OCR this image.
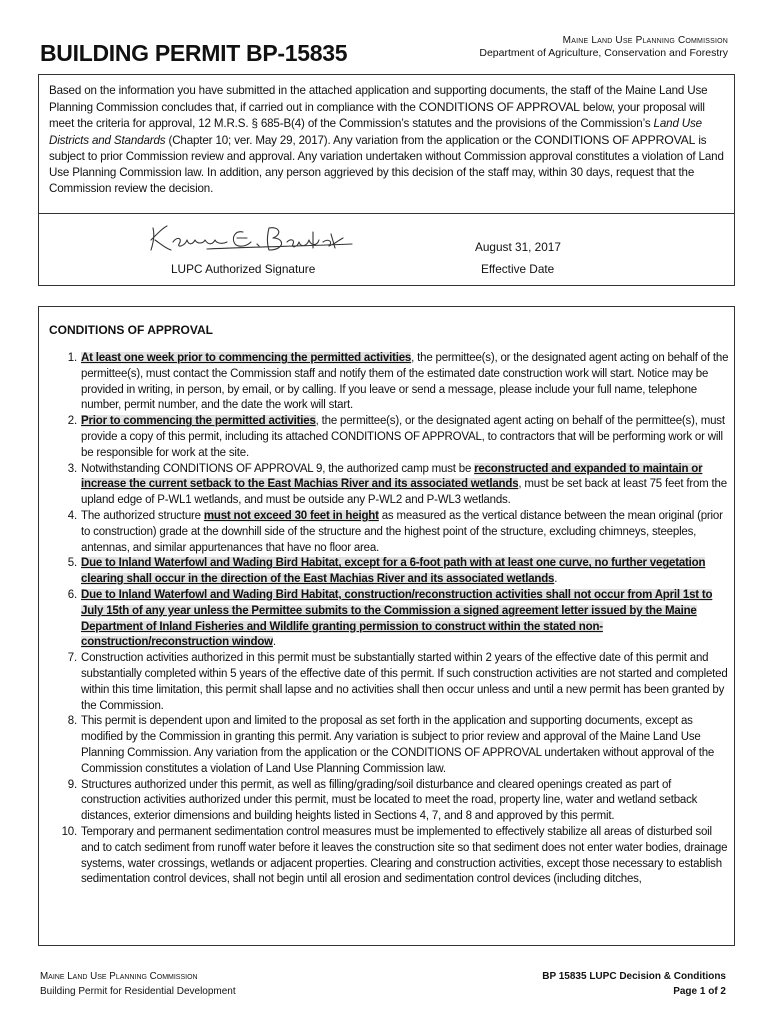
BUILDING PERMIT BP-15835	Maine Land Use Planning Commission
Department of Agriculture, Conservation and Forestry
Based on the information you have submitted in the attached application and supporting documents, the staff of the Maine Land Use Planning Commission concludes that, if carried out in compliance with the CONDITIONS OF APPROVAL below, your proposal will meet the criteria for approval, 12 M.R.S. § 685-B(4) of the Commission’s statutes and the provisions of the Commission’s Land Use Districts and Standards (Chapter 10; ver. May 29, 2017). Any variation from the application or the CONDITIONS OF APPROVAL is subject to prior Commission review and approval. Any variation undertaken without Commission approval constitutes a violation of Land Use Planning Commission law. In addition, any person aggrieved by this decision of the staff may, within 30 days, request that the Commission review the decision.
LUPC Authorized Signature
August 31, 2017
Effective Date
CONDITIONS OF APPROVAL
1. At least one week prior to commencing the permitted activities, the permittee(s), or the designated agent acting on behalf of the permittee(s), must contact the Commission staff and notify them of the estimated date construction work will start. Notice may be provided in writing, in person, by email, or by calling. If you leave or send a message, please include your full name, telephone number, permit number, and the date the work will start.
2. Prior to commencing the permitted activities, the permittee(s), or the designated agent acting on behalf of the permittee(s), must provide a copy of this permit, including its attached CONDITIONS OF APPROVAL, to contractors that will be performing work or will be responsible for work at the site.
3. Notwithstanding CONDITIONS OF APPROVAL 9, the authorized camp must be reconstructed and expanded to maintain or increase the current setback to the East Machias River and its associated wetlands, must be set back at least 75 feet from the upland edge of P-WL1 wetlands, and must be outside any P-WL2 and P-WL3 wetlands.
4. The authorized structure must not exceed 30 feet in height as measured as the vertical distance between the mean original (prior to construction) grade at the downhill side of the structure and the highest point of the structure, excluding chimneys, steeples, antennas, and similar appurtenances that have no floor area.
5. Due to Inland Waterfowl and Wading Bird Habitat, except for a 6-foot path with at least one curve, no further vegetation clearing shall occur in the direction of the East Machias River and its associated wetlands.
6. Due to Inland Waterfowl and Wading Bird Habitat, construction/reconstruction activities shall not occur from April 1st to July 15th of any year unless the Permittee submits to the Commission a signed agreement letter issued by the Maine Department of Inland Fisheries and Wildlife granting permission to construct within the stated non-construction/reconstruction window.
7. Construction activities authorized in this permit must be substantially started within 2 years of the effective date of this permit and substantially completed within 5 years of the effective date of this permit. If such construction activities are not started and completed within this time limitation, this permit shall lapse and no activities shall then occur unless and until a new permit has been granted by the Commission.
8. This permit is dependent upon and limited to the proposal as set forth in the application and supporting documents, except as modified by the Commission in granting this permit. Any variation is subject to prior review and approval of the Maine Land Use Planning Commission. Any variation from the application or the CONDITIONS OF APPROVAL undertaken without approval of the Commission constitutes a violation of Land Use Planning Commission law.
9. Structures authorized under this permit, as well as filling/grading/soil disturbance and cleared openings created as part of construction activities authorized under this permit, must be located to meet the road, property line, water and wetland setback distances, exterior dimensions and building heights listed in Sections 4, 7, and 8 and approved by this permit.
10. Temporary and permanent sedimentation control measures must be implemented to effectively stabilize all areas of disturbed soil and to catch sediment from runoff water before it leaves the construction site so that sediment does not enter water bodies, drainage systems, water crossings, wetlands or adjacent properties. Clearing and construction activities, except those necessary to establish sedimentation control devices, shall not begin until all erosion and sedimentation control devices (including ditches,
Maine Land Use Planning Commission
Building Permit for Residential Development
BP 15835 LUPC Decision & Conditions
Page 1 of 2
